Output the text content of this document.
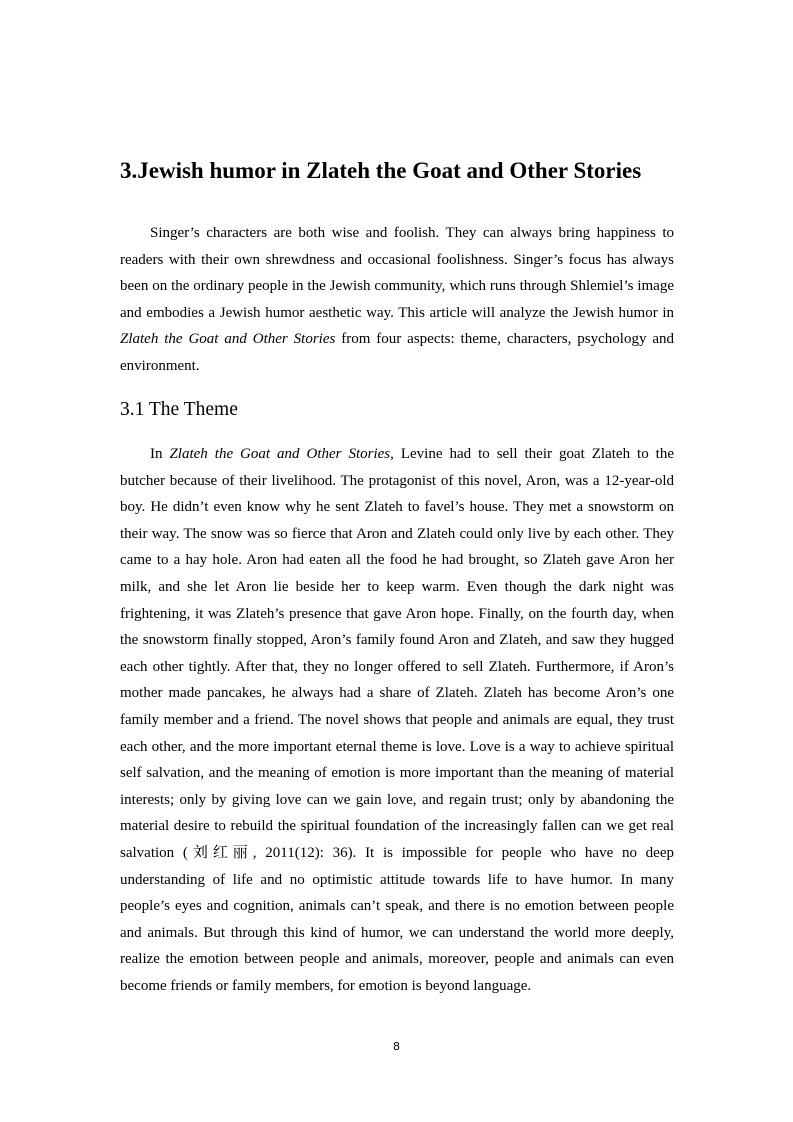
3.Jewish humor in Zlateh the Goat and Other Stories

Singer’s characters are both wise and foolish. They can always bring happiness to readers with their own shrewdness and occasional foolishness. Singer’s focus has always been on the ordinary people in the Jewish community, which runs through Shlemiel’s image and embodies a Jewish humor aesthetic way. This article will analyze the Jewish humor in Zlateh the Goat and Other Stories from four aspects: theme, characters, psychology and environment.

3.1 The Theme

In Zlateh the Goat and Other Stories, Levine had to sell their goat Zlateh to the butcher because of their livelihood. The protagonist of this novel, Aron, was a 12-year-old boy. He didn’t even know why he sent Zlateh to favel’s house. They met a snowstorm on their way. The snow was so fierce that Aron and Zlateh could only live by each other. They came to a hay hole. Aron had eaten all the food he had brought, so Zlateh gave Aron her milk, and she let Aron lie beside her to keep warm. Even though the dark night was frightening, it was Zlateh’s presence that gave Aron hope. Finally, on the fourth day, when the snowstorm finally stopped, Aron’s family found Aron and Zlateh, and saw they hugged each other tightly. After that, they no longer offered to sell Zlateh. Furthermore, if Aron’s mother made pancakes, he always had a share of Zlateh. Zlateh has become Aron’s one family member and a friend. The novel shows that people and animals are equal, they trust each other, and the more important eternal theme is love. Love is a way to achieve spiritual self salvation, and the meaning of emotion is more important than the meaning of material interests; only by giving love can we gain love, and regain trust; only by abandoning the material desire to rebuild the spiritual foundation of the increasingly fallen can we get real salvation (刘红丽, 2011(12): 36). It is impossible for people who have no deep understanding of life and no optimistic attitude towards life to have humor. In many people’s eyes and cognition, animals can’t speak, and there is no emotion between people and animals. But through this kind of humor, we can understand the world more deeply, realize the emotion between people and animals, moreover, people and animals can even become friends or family members, for emotion is beyond language.

8
